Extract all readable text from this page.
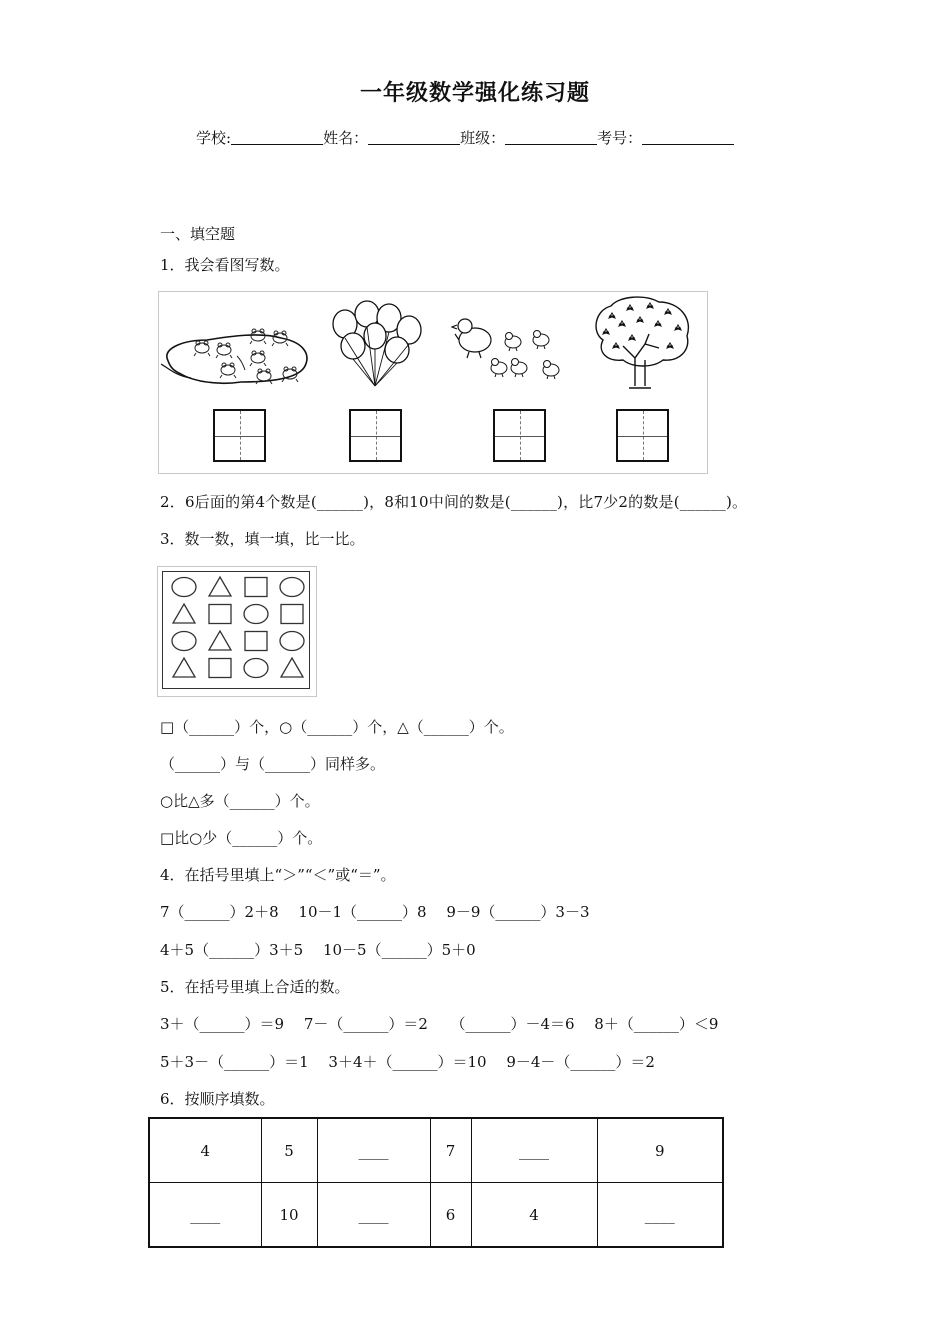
一年级数学强化练习题
学校:	姓名：	班级：	考号：
一、填空题
1．我会看图写数。
2．6后面的第4个数是(______)，8和10中间的数是(______)，比7少2的数是(______)。
3．数一数，填一填，比一比。
□（______）个，○（______）个，△（______）个。
（______）与（______）同样多。
○比△多（______）个。
□比○少（______）个。
4．在括号里填上“＞”“＜”或“＝”。
7（______）2＋8　 10－1（______）8　 9－9（______）3－3
4＋5（______）3＋5　 10－5（______）5＋0
5．在括号里填上合适的数。
3＋（______）＝9　 7－（______）＝2　　（______）－4＝6　 8＋（______）＜9
5＋3－（______）＝1　 3＋4＋（______）＝10　 9－4－（______）＝2
6．按顺序填数。
4	5	____	7	____	9
____	10	____	6	4	____
